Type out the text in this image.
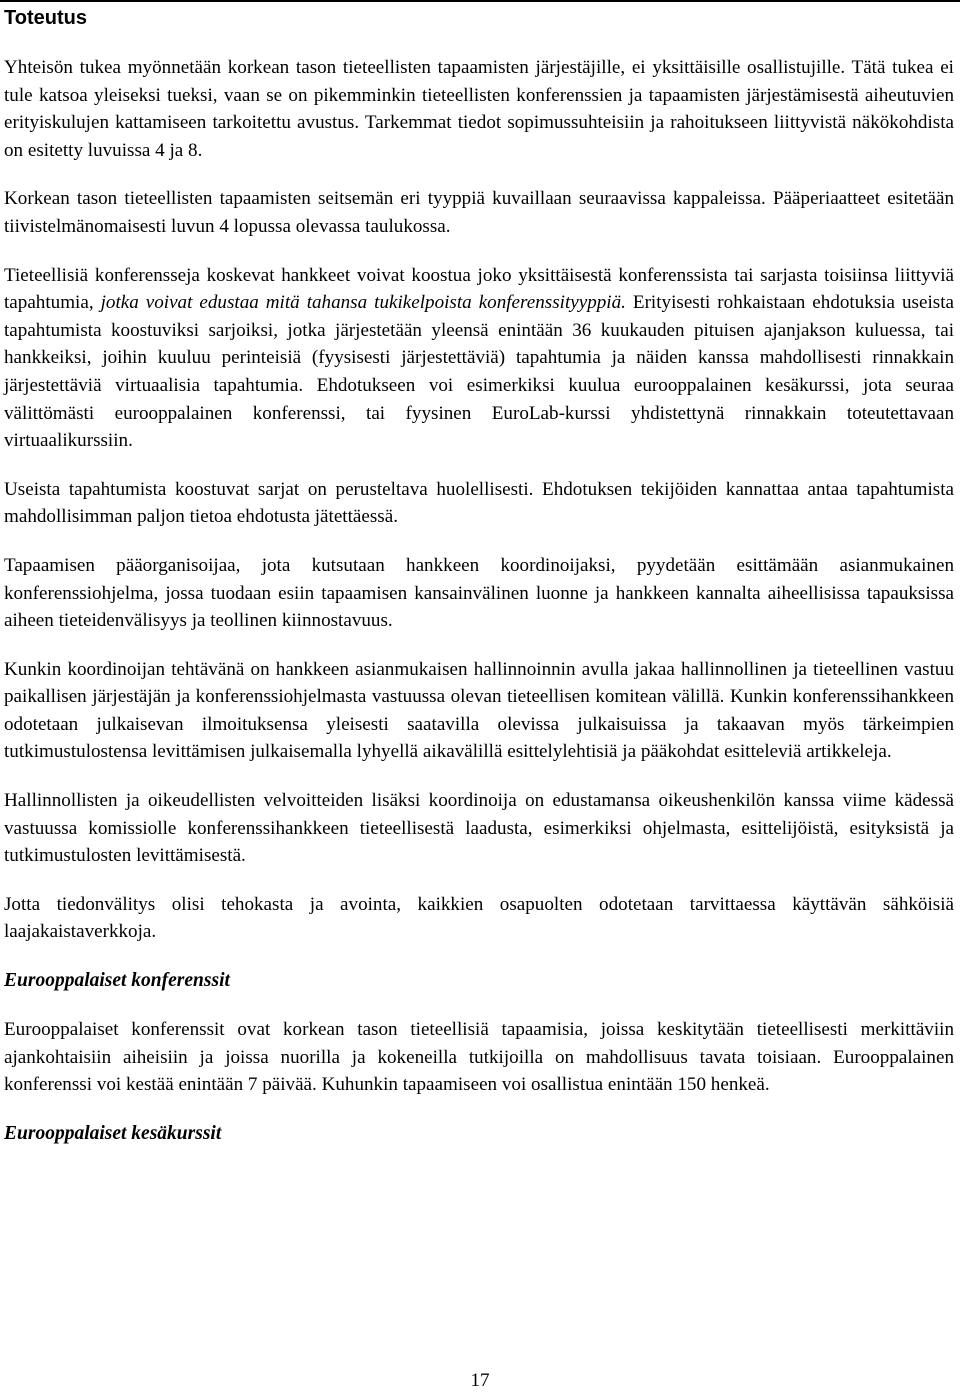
Toteutus

Yhteisön tukea myönnetään korkean tason tieteellisten tapaamisten järjestäjille, ei yksittäisille osallistujille. Tätä tukea ei tule katsoa yleiseksi tueksi, vaan se on pikemminkin tieteellisten konferenssien ja tapaamisten järjestämisestä aiheutuvien erityiskulujen kattamiseen tarkoitettu avustus. Tarkemmat tiedot sopimussuhteisiin ja rahoitukseen liittyvistä näkökohdista on esitetty luvuissa 4 ja 8.

Korkean tason tieteellisten tapaamisten seitsemän eri tyyppiä kuvaillaan seuraavissa kappaleissa. Pääperiaatteet esitetään tiivistelmänomaisesti luvun 4 lopussa olevassa taulukossa.

Tieteellisiä konferensseja koskevat hankkeet voivat koostua joko yksittäisestä konferenssista tai sarjasta toisiinsa liittyviä tapahtumia, jotka voivat edustaa mitä tahansa tukikelpoista konferenssityyppiä. Erityisesti rohkaistaan ehdotuksia useista tapahtumista koostuviksi sarjoiksi, jotka järjestetään yleensä enintään 36 kuukauden pituisen ajanjakson kuluessa, tai hankkeiksi, joihin kuuluu perinteisiä (fyysisesti järjestettäviä) tapahtumia ja näiden kanssa mahdollisesti rinnakkain järjestettäviä virtuaalisia tapahtumia. Ehdotukseen voi esimerkiksi kuulua eurooppalainen kesäkurssi, jota seuraa välittömästi eurooppalainen konferenssi, tai fyysinen EuroLab-kurssi yhdistettynä rinnakkain toteutettavaan virtuaalikurssiin.

Useista tapahtumista koostuvat sarjat on perusteltava huolellisesti. Ehdotuksen tekijöiden kannattaa antaa tapahtumista mahdollisimman paljon tietoa ehdotusta jätettäessä.

Tapaamisen pääorganisoijaa, jota kutsutaan hankkeen koordinoijaksi, pyydetään esittämään asianmukainen konferenssiohjelma, jossa tuodaan esiin tapaamisen kansainvälinen luonne ja hankkeen kannalta aiheellisissa tapauksissa aiheen tieteidenvälisyys ja teollinen kiinnostavuus.

Kunkin koordinoijan tehtävänä on hankkeen asianmukaisen hallinnoinnin avulla jakaa hallinnollinen ja tieteellinen vastuu paikallisen järjestäjän ja konferenssiohjelmasta vastuussa olevan tieteellisen komitean välillä. Kunkin konferenssihankkeen odotetaan julkaisevan ilmoituksensa yleisesti saatavilla olevissa julkaisuissa ja takaavan myös tärkeimpien tutkimustulostensa levittämisen julkaisemalla lyhyellä aikavälillä esittelylehtisiä ja pääkohdat esitteleviä artikkeleja.

Hallinnollisten ja oikeudellisten velvoitteiden lisäksi koordinoija on edustamansa oikeushenkilön kanssa viime kädessä vastuussa komissiolle konferenssihankkeen tieteellisestä laadusta, esimerkiksi ohjelmasta, esittelijöistä, esityksistä ja tutkimustulosten levittämisestä.

Jotta tiedonvälitys olisi tehokasta ja avointa, kaikkien osapuolten odotetaan tarvittaessa käyttävän sähköisiä laajakaistaverkkoja.

Eurooppalaiset konferenssit

Eurooppalaiset konferenssit ovat korkean tason tieteellisiä tapaamisia, joissa keskitytään tieteellisesti merkittäviin ajankohtaisiin aiheisiin ja joissa nuorilla ja kokeneilla tutkijoilla on mahdollisuus tavata toisiaan. Eurooppalainen konferenssi voi kestää enintään 7 päivää. Kuhunkin tapaamiseen voi osallistua enintään 150 henkeä.

Eurooppalaiset kesäkurssit
17
